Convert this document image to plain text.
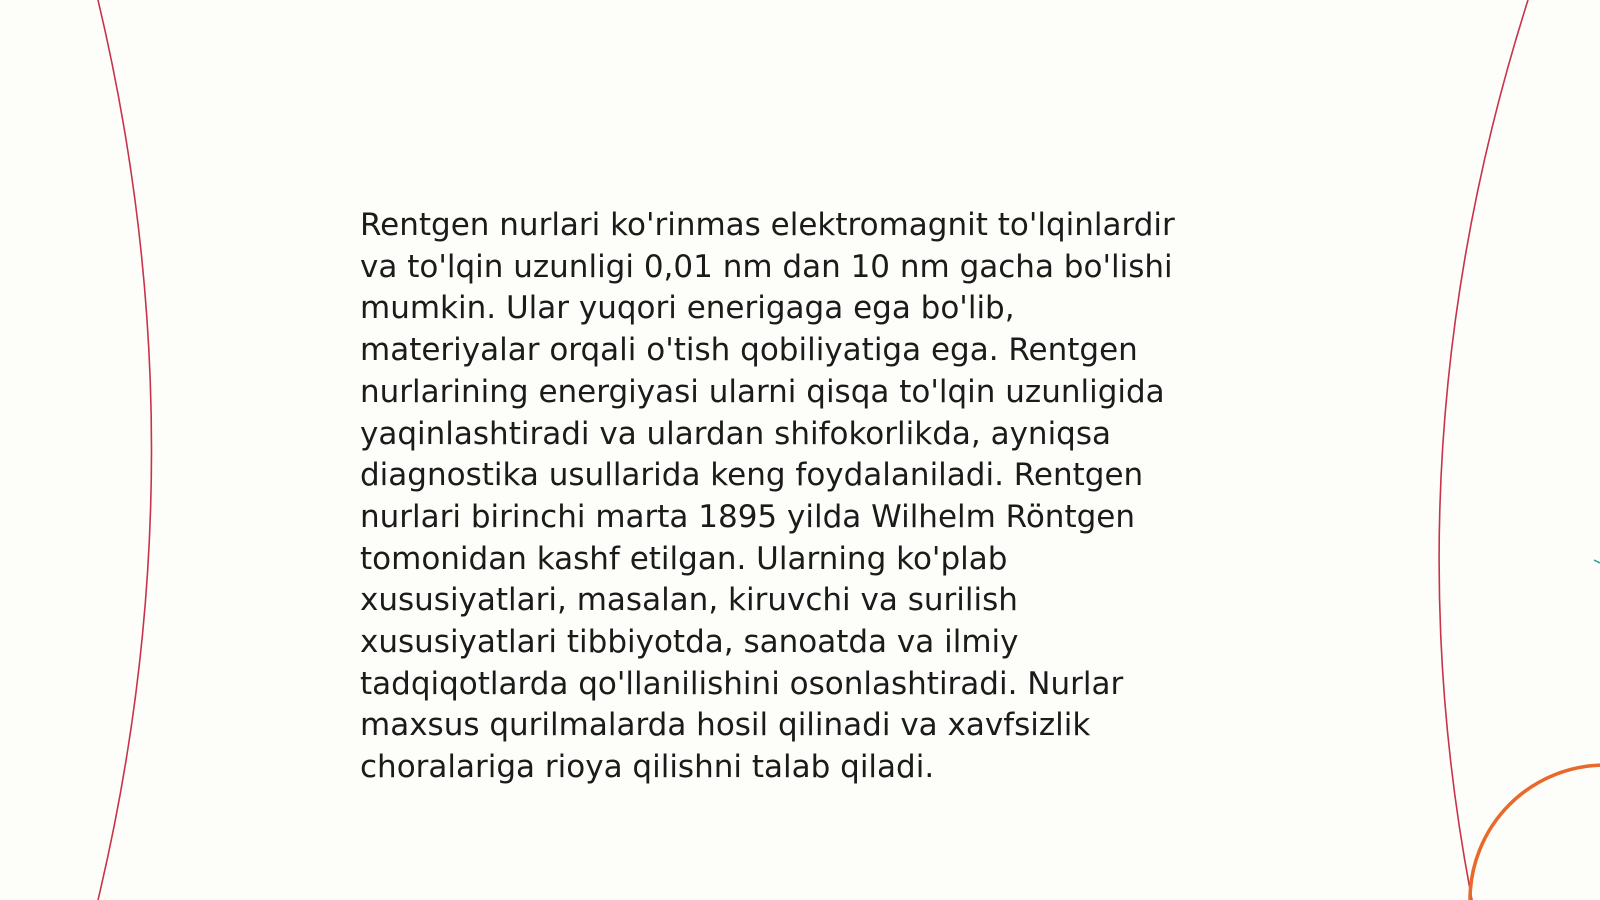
Rentgen nurlari ko'rinmas elektromagnit to'lqinlardir
va to'lqin uzunligi 0,01 nm dan 10 nm gacha bo'lishi
mumkin. Ular yuqori enerigaga ega bo'lib,
materiyalar orqali o'tish qobiliyatiga ega. Rentgen
nurlarining energiyasi ularni qisqa to'lqin uzunligida
yaqinlashtiradi va ulardan shifokorlikda, ayniqsa
diagnostika usullarida keng foydalaniladi. Rentgen
nurlari birinchi marta 1895 yilda Wilhelm Röntgen
tomonidan kashf etilgan. Ularning ko'plab
xususiyatlari, masalan, kiruvchi va surilish
xususiyatlari tibbiyotda, sanoatda va ilmiy
tadqiqotlarda qo'llanilishini osonlashtiradi. Nurlar
maxsus qurilmalarda hosil qilinadi va xavfsizlik
choralariga rioya qilishni talab qiladi.
